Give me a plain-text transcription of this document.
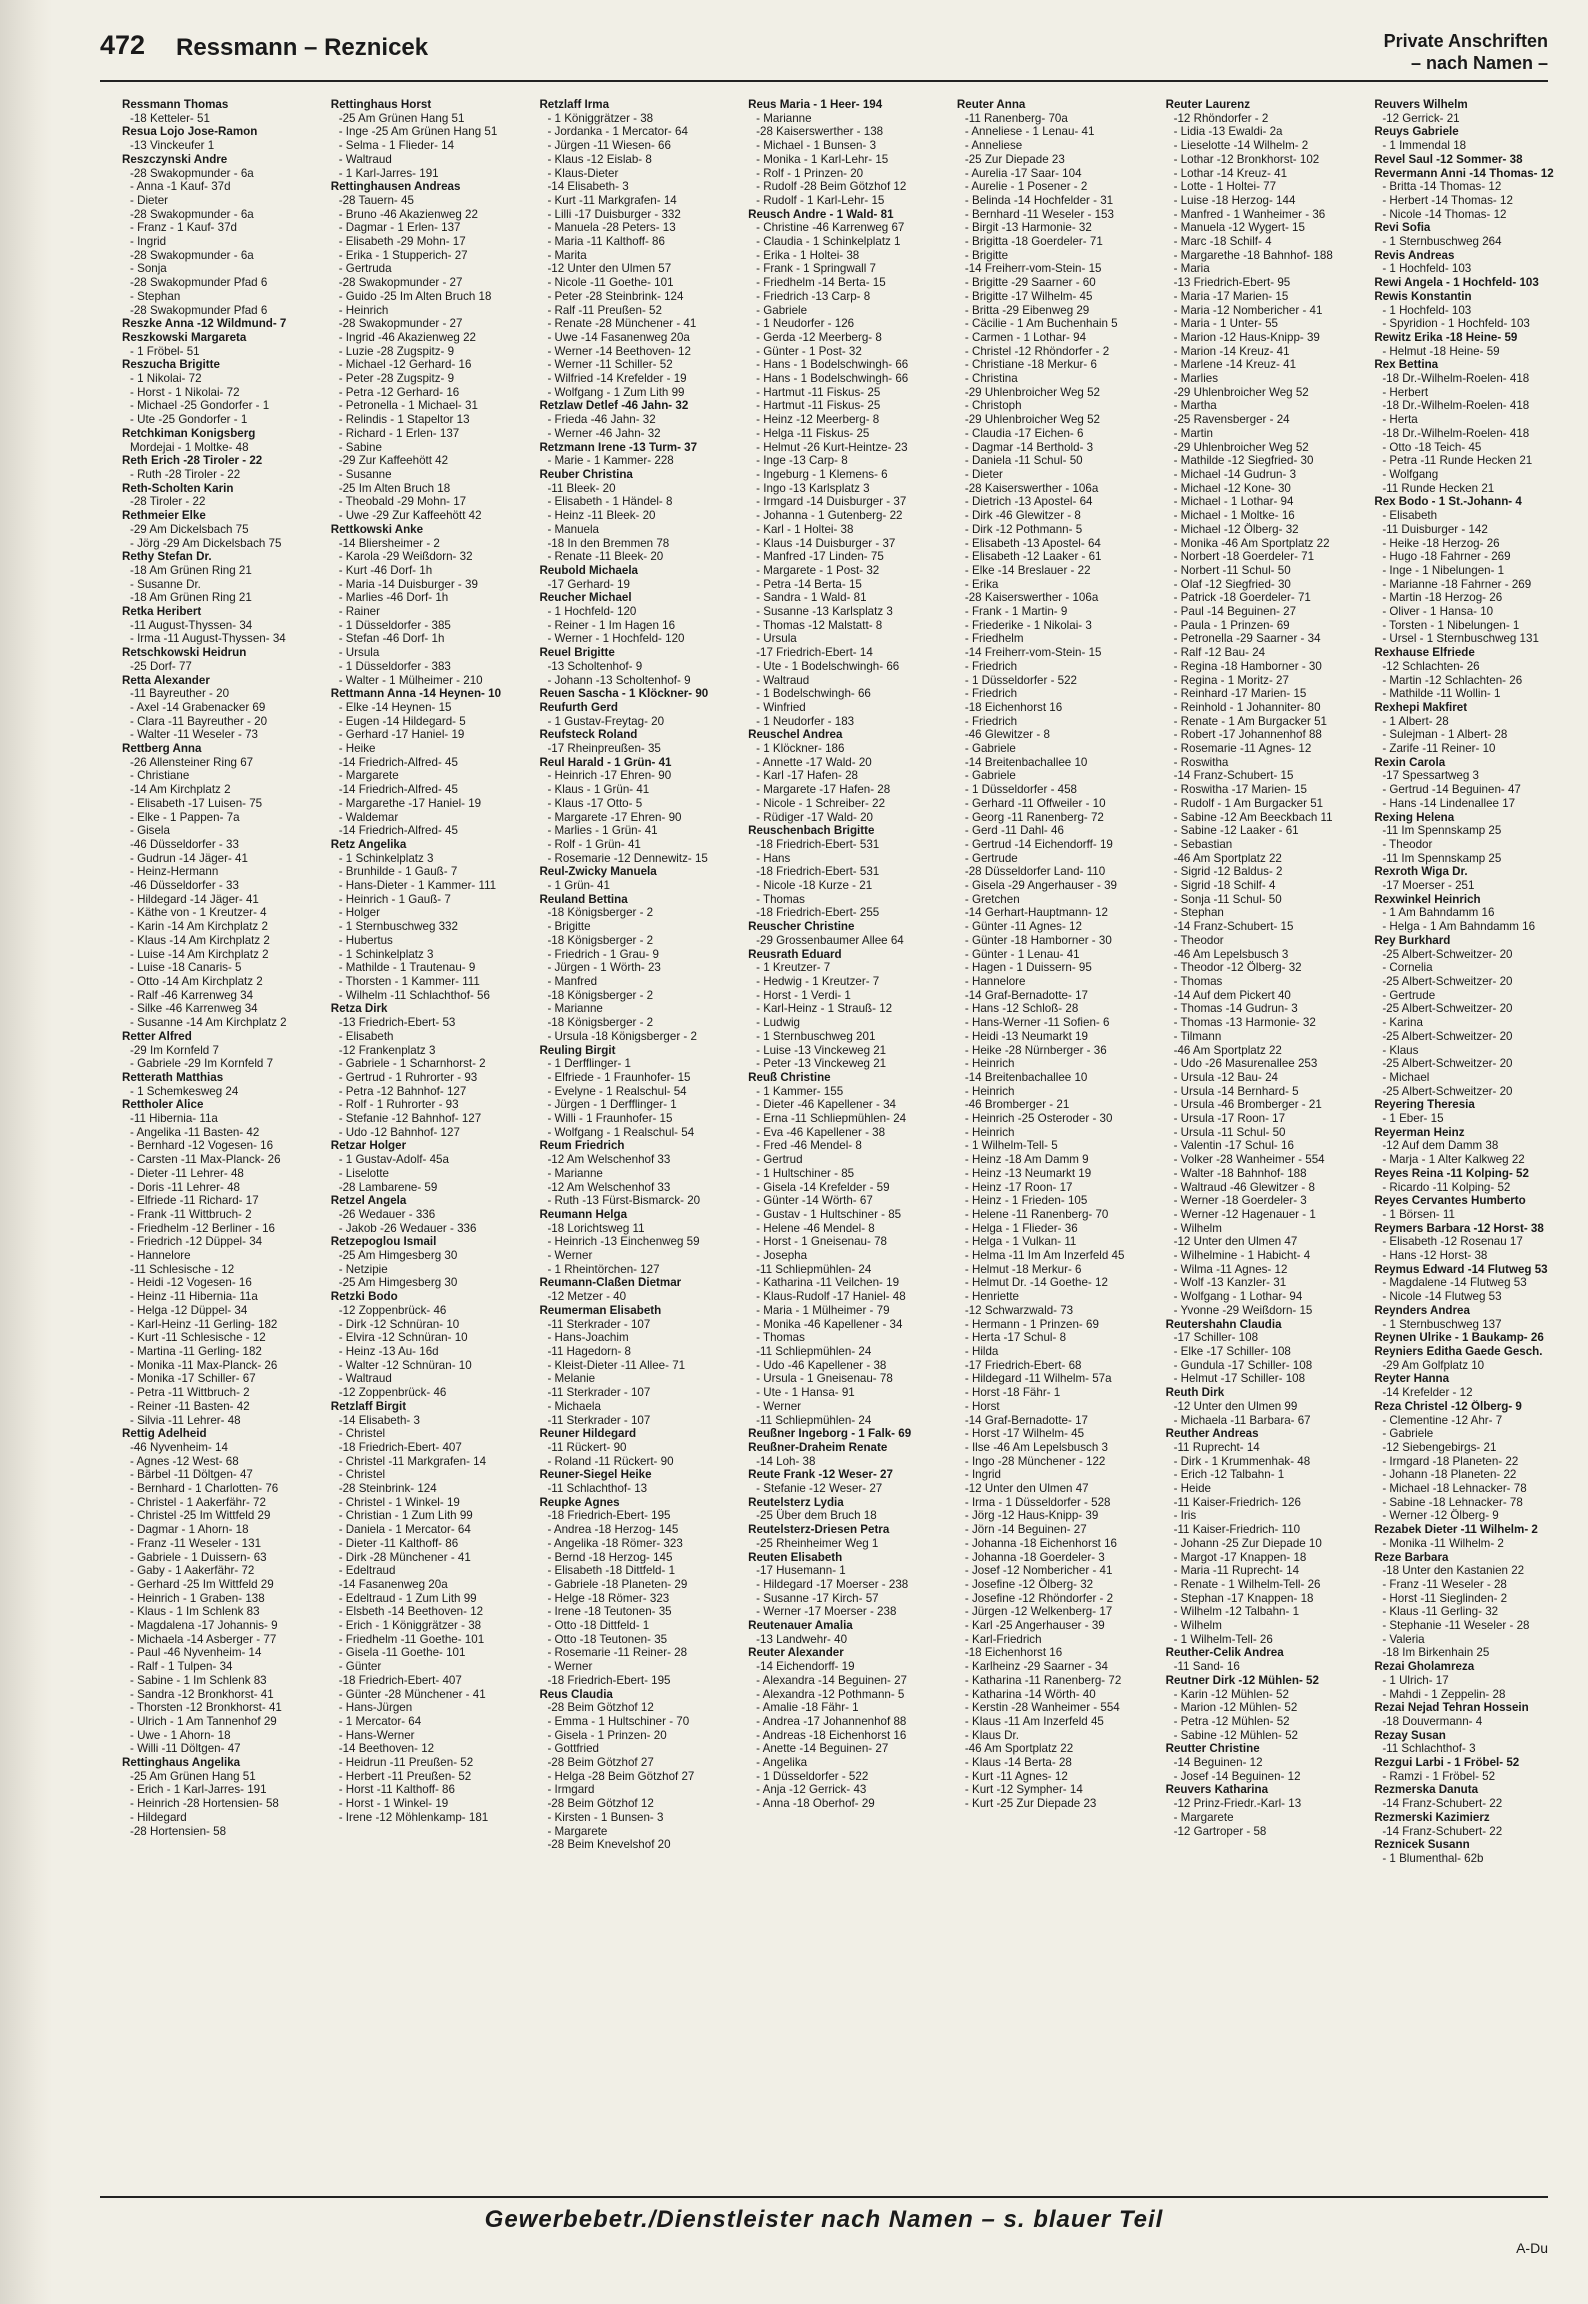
472 Ressmann – Reznicek	Private Anschriften
– nach Namen –
Ressmann Thomas
-18 Ketteler- 51
Resua Lojo Jose-Ramon
-13 Vinckeufer 1
Reszczynski Andre
-28 Swakopmunder - 6a
- Anna -1 Kauf- 37d
- Dieter
-28 Swakopmunder - 6a
- Franz - 1 Kauf- 37d
- Ingrid
-28 Swakopmunder - 6a
- Sonja
-28 Swakopmunder Pfad 6
- Stephan
-28 Swakopmunder Pfad 6
Reszke Anna -12 Wildmund- 7
Reszkowski Margareta
- 1 Fröbel- 51
Reszucha Brigitte
- 1 Nikolai- 72
- Horst - 1 Nikolai- 72
- Michael -25 Gondorfer - 1
- Ute -25 Gondorfer - 1
Retchkiman Konigsberg
Mordejai - 1 Moltke- 48
Reth Erich -28 Tiroler - 22
- Ruth -28 Tiroler - 22
Reth-Scholten Karin
-28 Tiroler - 22
Rethmeier Elke
-29 Am Dickelsbach 75
- Jörg -29 Am Dickelsbach 75
Rethy Stefan Dr.
-18 Am Grünen Ring 21
- Susanne Dr.
-18 Am Grünen Ring 21
Retka Heribert
-11 August-Thyssen- 34
- Irma -11 August-Thyssen- 34
Retschkowski Heidrun
-25 Dorf- 77
Retta Alexander
-11 Bayreuther - 20
- Axel -14 Grabenacker 69
- Clara -11 Bayreuther - 20
- Walter -11 Weseler - 73
Rettberg Anna
-26 Allensteiner Ring 67
- Christiane
-14 Am Kirchplatz 2
- Elisabeth -17 Luisen- 75
- Elke - 1 Pappen- 7a
- Gisela
-46 Düsseldorfer - 33
- Gudrun -14 Jäger- 41
- Heinz-Hermann
-46 Düsseldorfer - 33
- Hildegard -14 Jäger- 41
- Käthe von - 1 Kreutzer- 4
- Karin -14 Am Kirchplatz 2
- Klaus -14 Am Kirchplatz 2
- Luise -14 Am Kirchplatz 2
- Luise -18 Canaris- 5
- Otto -14 Am Kirchplatz 2
- Ralf -46 Karrenweg 34
- Silke -46 Karrenweg 34
- Susanne -14 Am Kirchplatz 2
Retter Alfred
-29 Im Kornfeld 7
- Gabriele -29 Im Kornfeld 7
Retterath Matthias
- 1 Schemkesweg 24
Rettholer Alice
-11 Hibernia- 11a
- Angelika -11 Basten- 42
- Bernhard -12 Vogesen- 16
- Carsten -11 Max-Planck- 26
- Dieter -11 Lehrer- 48
- Doris -11 Lehrer- 48
- Elfriede -11 Richard- 17
- Frank -11 Wittbruch- 2
- Friedhelm -12 Berliner - 16
- Friedrich -12 Düppel- 34
- Hannelore
-11 Schlesische - 12
- Heidi -12 Vogesen- 16
- Heinz -11 Hibernia- 11a
- Helga -12 Düppel- 34
- Karl-Heinz -11 Gerling- 182
- Kurt -11 Schlesische - 12
- Martina -11 Gerling- 182
- Monika -11 Max-Planck- 26
- Monika -17 Schiller- 67
- Petra -11 Wittbruch- 2
- Reiner -11 Basten- 42
- Silvia -11 Lehrer- 48
Rettig Adelheid
-46 Nyvenheim- 14
- Agnes -12 West- 68
- Bärbel -11 Döltgen- 47
- Bernhard - 1 Charlotten- 76
- Christel - 1 Aakerfähr- 72
- Christel -25 Im Wittfeld 29
- Dagmar - 1 Ahorn- 18
- Franz -11 Weseler - 131
- Gabriele - 1 Duissern- 63
- Gaby - 1 Aakerfähr- 72
- Gerhard -25 Im Wittfeld 29
- Heinrich - 1 Graben- 138
- Klaus - 1 Im Schlenk 83
- Magdalena -17 Johannis- 9
- Michaela -14 Asberger - 77
- Paul -46 Nyvenheim- 14
- Ralf - 1 Tulpen- 34
- Sabine - 1 Im Schlenk 83
- Sandra -12 Bronkhorst- 41
- Thorsten -12 Bronkhorst- 41
- Ulrich - 1 Am Tannenhof 29
- Uwe - 1 Ahorn- 18
- Willi -11 Döltgen- 47
Rettinghaus Angelika
-25 Am Grünen Hang 51
- Erich - 1 Karl-Jarres- 191
- Heinrich -28 Hortensien- 58
- Hildegard
-28 Hortensien- 58
Rettinghaus Horst
-25 Am Grünen Hang 51
- Inge -25 Am Grünen Hang 51
- Selma - 1 Flieder- 14
- Waltraud
- 1 Karl-Jarres- 191
Rettinghausen Andreas
-28 Tauern- 45
- Bruno -46 Akazienweg 22
- Dagmar - 1 Erlen- 137
- Elisabeth -29 Mohn- 17
- Erika - 1 Stupperich- 27
- Gertruda
-28 Swakopmunder - 27
- Guido -25 Im Alten Bruch 18
- Heinrich
-28 Swakopmunder - 27
- Ingrid -46 Akazienweg 22
- Luzie -28 Zugspitz- 9
- Michael -12 Gerhard- 16
- Peter -28 Zugspitz- 9
- Petra -12 Gerhard- 16
- Petronella - 1 Michael- 31
- Relindis - 1 Stapeltor 13
- Richard - 1 Erlen- 137
- Sabine
-29 Zur Kaffeehött 42
- Susanne
-25 Im Alten Bruch 18
- Theobald -29 Mohn- 17
- Uwe -29 Zur Kaffeehött 42
Rettkowski Anke
-14 Bliersheimer - 2
- Karola -29 Weißdorn- 32
- Kurt -46 Dorf- 1h
- Maria -14 Duisburger - 39
- Marlies -46 Dorf- 1h
- Rainer
- 1 Düsseldorfer - 385
- Stefan -46 Dorf- 1h
- Ursula
- 1 Düsseldorfer - 383
- Walter - 1 Mülheimer - 210
Rettmann Anna -14 Heynen- 10
- Elke -14 Heynen- 15
- Eugen -14 Hildegard- 5
- Gerhard -17 Haniel- 19
- Heike
-14 Friedrich-Alfred- 45
- Margarete
-14 Friedrich-Alfred- 45
- Margarethe -17 Haniel- 19
- Waldemar
-14 Friedrich-Alfred- 45
Retz Angelika
- 1 Schinkelplatz 3
- Brunhilde - 1 Gauß- 7
- Hans-Dieter - 1 Kammer- 111
- Heinrich - 1 Gauß- 7
- Holger
- 1 Sternbuschweg 332
- Hubertus
- 1 Schinkelplatz 3
- Mathilde - 1 Trautenau- 9
- Thorsten - 1 Kammer- 111
- Wilhelm -11 Schlachthof- 56
Retza Dirk
-13 Friedrich-Ebert- 53
- Elisabeth
-12 Frankenplatz 3
- Gabriele - 1 Scharnhorst- 2
- Gertrud - 1 Ruhrorter - 93
- Petra -12 Bahnhof- 127
- Rolf - 1 Ruhrorter - 93
- Stefanie -12 Bahnhof- 127
- Udo -12 Bahnhof- 127
Retzar Holger
- 1 Gustav-Adolf- 45a
- Liselotte
-28 Lambarene- 59
Retzel Angela
-26 Wedauer - 336
- Jakob -26 Wedauer - 336
Retzepoglou Ismail
-25 Am Himgesberg 30
- Netzipie
-25 Am Himgesberg 30
Retzki Bodo
-12 Zoppenbrück- 46
- Dirk -12 Schnüran- 10
- Elvira -12 Schnüran- 10
- Heinz -13 Au- 16d
- Walter -12 Schnüran- 10
- Waltraud
-12 Zoppenbrück- 46
Retzlaff Birgit
-14 Elisabeth- 3
- Christel
-18 Friedrich-Ebert- 407
- Christel -11 Markgrafen- 14
- Christel
-28 Steinbrink- 124
- Christel - 1 Winkel- 19
- Christian - 1 Zum Lith 99
- Daniela - 1 Mercator- 64
- Dieter -11 Kalthoff- 86
- Dirk -28 Münchener - 41
- Edeltraud
-14 Fasanenweg 20a
- Edeltraud - 1 Zum Lith 99
- Elsbeth -14 Beethoven- 12
- Erich - 1 Königgrätzer - 38
- Friedhelm -11 Goethe- 101
- Gisela -11 Goethe- 101
- Günter
-18 Friedrich-Ebert- 407
- Günter -28 Münchener - 41
- Hans-Jürgen
- 1 Mercator- 64
- Hans-Werner
-14 Beethoven- 12
- Heidrun -11 Preußen- 52
- Herbert -11 Preußen- 52
- Horst -11 Kalthoff- 86
- Horst - 1 Winkel- 19
- Irene -12 Möhlenkamp- 181
Retzlaff Irma
- 1 Königgrätzer - 38
- Jordanka - 1 Mercator- 64
- Jürgen -11 Wiesen- 66
- Klaus -12 Eislab- 8
- Klaus-Dieter
-14 Elisabeth- 3
- Kurt -11 Markgrafen- 14
- Lilli -17 Duisburger - 332
- Manuela -28 Peters- 13
- Maria -11 Kalthoff- 86
- Marita
-12 Unter den Ulmen 57
- Nicole -11 Goethe- 101
- Peter -28 Steinbrink- 124
- Ralf -11 Preußen- 52
- Renate -28 Münchener - 41
- Uwe -14 Fasanenweg 20a
- Werner -14 Beethoven- 12
- Werner -11 Schiller- 52
- Wilfried -14 Krefelder - 19
- Wolfgang - 1 Zum Lith 99
Retzlaw Detlef -46 Jahn- 32
- Frieda -46 Jahn- 32
- Werner -46 Jahn- 32
Retzmann Irene -13 Turm- 37
- Marie - 1 Kammer- 228
Reuber Christina
-11 Bleek- 20
- Elisabeth - 1 Händel- 8
- Heinz -11 Bleek- 20
- Manuela
-18 In den Bremmen 78
- Renate -11 Bleek- 20
Reubold Michaela
-17 Gerhard- 19
Reucher Michael
- 1 Hochfeld- 120
- Reiner - 1 Im Hagen 16
- Werner - 1 Hochfeld- 120
Reuel Brigitte
-13 Scholtenhof- 9
- Johann -13 Scholtenhof- 9
Reuen Sascha - 1 Klöckner- 90
Reufurth Gerd
- 1 Gustav-Freytag- 20
Reufsteck Roland
-17 Rheinpreußen- 35
Reul Harald - 1 Grün- 41
- Heinrich -17 Ehren- 90
- Klaus - 1 Grün- 41
- Klaus -17 Otto- 5
- Margarete -17 Ehren- 90
- Marlies - 1 Grün- 41
- Rolf - 1 Grün- 41
- Rosemarie -12 Dennewitz- 15
Reul-Zwicky Manuela
- 1 Grün- 41
Reuland Bettina
-18 Königsberger - 2
- Brigitte
-18 Königsberger - 2
- Friedrich - 1 Grau- 9
- Jürgen - 1 Wörth- 23
- Manfred
-18 Königsberger - 2
- Marianne
-18 Königsberger - 2
- Ursula -18 Königsberger - 2
Reuling Birgit
- 1 Derfflinger- 1
- Elfriede - 1 Fraunhofer- 15
- Evelyne - 1 Realschul- 54
- Jürgen - 1 Derfflinger- 1
- Willi - 1 Fraunhofer- 15
- Wolfgang - 1 Realschul- 54
Reum Friedrich
-12 Am Welschenhof 33
- Marianne
-12 Am Welschenhof 33
- Ruth -13 Fürst-Bismarck- 20
Reumann Helga
-18 Lorichtsweg 11
- Heinrich -13 Einchenweg 59
- Werner
- 1 Rheintörchen- 127
Reumann-Claßen Dietmar
-12 Metzer - 40
Reumerman Elisabeth
-11 Sterkrader - 107
- Hans-Joachim
-11 Hagedorn- 8
- Kleist-Dieter -11 Allee- 71
- Melanie
-11 Sterkrader - 107
- Michaela
-11 Sterkrader - 107
Reuner Hildegard
-11 Rückert- 90
- Roland -11 Rückert- 90
Reuner-Siegel Heike
-11 Schlachthof- 13
Reupke Agnes
-18 Friedrich-Ebert- 195
- Andrea -18 Herzog- 145
- Angelika -18 Römer- 323
- Bernd -18 Herzog- 145
- Elisabeth -18 Dittfeld- 1
- Gabriele -18 Planeten- 29
- Helge -18 Römer- 323
- Irene -18 Teutonen- 35
- Otto -18 Dittfeld- 1
- Otto -18 Teutonen- 35
- Rosemarie -11 Reiner- 28
- Werner
-18 Friedrich-Ebert- 195
Reus Claudia
-28 Beim Götzhof 12
- Emma - 1 Hultschiner - 70
- Gisela - 1 Prinzen- 20
- Gottfried
-28 Beim Götzhof 27
- Helga -28 Beim Götzhof 27
- Irmgard
-28 Beim Götzhof 12
- Kirsten - 1 Bunsen- 3
- Margarete
-28 Beim Knevelshof 20
Reus Maria - 1 Heer- 194
- Marianne
-28 Kaiserswerther - 138
- Michael - 1 Bunsen- 3
- Monika - 1 Karl-Lehr- 15
- Rolf - 1 Prinzen- 20
- Rudolf -28 Beim Götzhof 12
- Rudolf - 1 Karl-Lehr- 15
Reusch Andre - 1 Wald- 81
- Christine -46 Karrenweg 67
- Claudia - 1 Schinkelplatz 1
- Erika - 1 Holtei- 38
- Frank - 1 Springwall 7
- Friedhelm -14 Berta- 15
- Friedrich -13 Carp- 8
- Gabriele
- 1 Neudorfer - 126
- Gerda -12 Meerberg- 8
- Günter - 1 Post- 32
- Hans - 1 Bodelschwingh- 66
- Hans - 1 Bodelschwingh- 66
- Hartmut -11 Fiskus- 25
- Hartmut -11 Fiskus- 25
- Heinz -12 Meerberg- 8
- Helga -11 Fiskus- 25
- Helmut -26 Kurt-Heintze- 23
- Inge -13 Carp- 8
- Ingeburg - 1 Klemens- 6
- Ingo -13 Karlsplatz 3
- Irmgard -14 Duisburger - 37
- Johanna - 1 Gutenberg- 22
- Karl - 1 Holtei- 38
- Klaus -14 Duisburger - 37
- Manfred -17 Linden- 75
- Margarete - 1 Post- 32
- Petra -14 Berta- 15
- Sandra - 1 Wald- 81
- Susanne -13 Karlsplatz 3
- Thomas -12 Malstatt- 8
- Ursula
-17 Friedrich-Ebert- 14
- Ute - 1 Bodelschwingh- 66
- Waltraud
- 1 Bodelschwingh- 66
- Winfried
- 1 Neudorfer - 183
Reuschel Andrea
- 1 Klöckner- 186
- Annette -17 Wald- 20
- Karl -17 Hafen- 28
- Margarete -17 Hafen- 28
- Nicole - 1 Schreiber- 22
- Rüdiger -17 Wald- 20
Reuschenbach Brigitte
-18 Friedrich-Ebert- 531
- Hans
-18 Friedrich-Ebert- 531
- Nicole -18 Kurze - 21
- Thomas
-18 Friedrich-Ebert- 255
Reuscher Christine
-29 Grossenbaumer Allee 64
Reusrath Eduard
- 1 Kreutzer- 7
- Hedwig - 1 Kreutzer- 7
- Horst - 1 Verdi- 1
- Karl-Heinz - 1 Strauß- 12
- Ludwig
- 1 Sternbuschweg 201
- Luise -13 Vinckeweg 21
- Peter -13 Vinckeweg 21
Reuß Christine
- 1 Kammer- 155
- Dieter -46 Kapellener - 34
- Erna -11 Schliepmühlen- 24
- Eva -46 Kapellener - 38
- Fred -46 Mendel- 8
- Gertrud
- 1 Hultschiner - 85
- Gisela -14 Krefelder - 59
- Günter -14 Wörth- 67
- Gustav - 1 Hultschiner - 85
- Helene -46 Mendel- 8
- Horst - 1 Gneisenau- 78
- Josepha
-11 Schliepmühlen- 24
- Katharina -11 Veilchen- 19
- Klaus-Rudolf -17 Haniel- 48
- Maria - 1 Mülheimer - 79
- Monika -46 Kapellener - 34
- Thomas
-11 Schliepmühlen- 24
- Udo -46 Kapellener - 38
- Ursula - 1 Gneisenau- 78
- Ute - 1 Hansa- 91
- Werner
-11 Schliepmühlen- 24
Reußner Ingeborg - 1 Falk- 69
Reußner-Draheim Renate
-14 Loh- 38
Reute Frank -12 Weser- 27
- Stefanie -12 Weser- 27
Reutelsterz Lydia
-25 Über dem Bruch 18
Reutelsterz-Driesen Petra
-25 Rheinheimer Weg 1
Reuten Elisabeth
-17 Husemann- 1
- Hildegard -17 Moerser - 238
- Susanne -17 Kirch- 57
- Werner -17 Moerser - 238
Reutenauer Amalia
-13 Landwehr- 40
Reuter Alexander
-14 Eichendorff- 19
- Alexandra -14 Beguinen- 27
- Alexandra -12 Pothmann- 5
- Amalie -18 Fähr- 1
- Andrea -17 Johannenhof 88
- Andreas -18 Eichenhorst 16
- Anette -14 Beguinen- 27
- Angelika
- 1 Düsseldorfer - 522
- Anja -12 Gerrick- 43
- Anna -18 Oberhof- 29
Reuter Anna
-11 Ranenberg- 70a
- Anneliese - 1 Lenau- 41
- Anneliese
-25 Zur Diepade 23
- Aurelia -17 Saar- 104
- Aurelie - 1 Posener - 2
- Belinda -14 Hochfelder - 31
- Bernhard -11 Weseler - 153
- Birgit -13 Harmonie- 32
- Brigitta -18 Goerdeler- 71
- Brigitte
-14 Freiherr-vom-Stein- 15
- Brigitte -29 Saarner - 60
- Brigitte -17 Wilhelm- 45
- Britta -29 Eibenweg 29
- Cäcilie - 1 Am Buchenhain 5
- Carmen - 1 Lothar- 94
- Christel -12 Rhöndorfer - 2
- Christiane -18 Merkur- 6
- Christina
-29 Uhlenbroicher Weg 52
- Christoph
-29 Uhlenbroicher Weg 52
- Claudia -17 Eichen- 6
- Dagmar -14 Berthold- 3
- Daniela -11 Schul- 50
- Dieter
-28 Kaiserswerther - 106a
- Dietrich -13 Apostel- 64
- Dirk -46 Glewitzer - 8
- Dirk -12 Pothmann- 5
- Elisabeth -13 Apostel- 64
- Elisabeth -12 Laaker - 61
- Elke -14 Breslauer - 22
- Erika
-28 Kaiserswerther - 106a
- Frank - 1 Martin- 9
- Friederike - 1 Nikolai- 3
- Friedhelm
-14 Freiherr-vom-Stein- 15
- Friedrich
- 1 Düsseldorfer - 522
- Friedrich
-18 Eichenhorst 16
- Friedrich
-46 Glewitzer - 8
- Gabriele
-14 Breitenbachallee 10
- Gabriele
- 1 Düsseldorfer - 458
- Gerhard -11 Offweiler - 10
- Georg -11 Ranenberg- 72
- Gerd -11 Dahl- 46
- Gertrud -14 Eichendorff- 19
- Gertrude
-28 Düsseldorfer Land- 110
- Gisela -29 Angerhauser - 39
- Gretchen
-14 Gerhart-Hauptmann- 12
- Günter -11 Agnes- 12
- Günter -18 Hamborner - 30
- Günter - 1 Lenau- 41
- Hagen - 1 Duissern- 95
- Hannelore
-14 Graf-Bernadotte- 17
- Hans -12 Schloß- 28
- Hans-Werner -11 Sofien- 6
- Heidi -13 Neumarkt 19
- Heike -28 Nürnberger - 36
- Heinrich
-14 Breitenbachallee 10
- Heinrich
-46 Bromberger - 21
- Heinrich -25 Osteroder - 30
- Heinrich
- 1 Wilhelm-Tell- 5
- Heinz -18 Am Damm 9
- Heinz -13 Neumarkt 19
- Heinz -17 Roon- 17
- Heinz - 1 Frieden- 105
- Helene -11 Ranenberg- 70
- Helga - 1 Flieder- 36
- Helga - 1 Vulkan- 11
- Helma -11 Im Am Inzerfeld 45
- Helmut -18 Merkur- 6
- Helmut Dr. -14 Goethe- 12
- Henriette
-12 Schwarzwald- 73
- Hermann - 1 Prinzen- 69
- Herta -17 Schul- 8
- Hilda
-17 Friedrich-Ebert- 68
- Hildegard -11 Wilhelm- 57a
- Horst -18 Fähr- 1
- Horst
-14 Graf-Bernadotte- 17
- Horst -17 Wilhelm- 45
- Ilse -46 Am Lepelsbusch 3
- Ingo -28 Münchener - 122
- Ingrid
-12 Unter den Ulmen 47
- Irma - 1 Düsseldorfer - 528
- Jörg -12 Haus-Knipp- 39
- Jörn -14 Beguinen- 27
- Johanna -18 Eichenhorst 16
- Johanna -18 Goerdeler- 3
- Josef -12 Nombericher - 41
- Josefine -12 Ölberg- 32
- Josefine -12 Rhöndorfer - 2
- Jürgen -12 Welkenberg- 17
- Karl -25 Angerhauser - 39
- Karl-Friedrich
-18 Eichenhorst 16
- Karlheinz -29 Saarner - 34
- Katharina -11 Ranenberg- 72
- Katharina -14 Wörth- 40
- Kerstin -28 Wanheimer - 554
- Klaus -11 Am Inzerfeld 45
- Klaus Dr.
-46 Am Sportplatz 22
- Klaus -14 Berta- 28
- Kurt -11 Agnes- 12
- Kurt -12 Sympher- 14
- Kurt -25 Zur Diepade 23
Reuter Laurenz
-12 Rhöndorfer - 2
- Lidia -13 Ewaldi- 2a
- Lieselotte -14 Wilhelm- 2
- Lothar -12 Bronkhorst- 102
- Lothar -14 Kreuz- 41
- Lotte - 1 Holtei- 77
- Luise -18 Herzog- 144
- Manfred - 1 Wanheimer - 36
- Manuela -12 Wygert- 15
- Marc -18 Schilf- 4
- Margarethe -18 Bahnhof- 188
- Maria
-13 Friedrich-Ebert- 95
- Maria -17 Marien- 15
- Maria -12 Nombericher - 41
- Maria - 1 Unter- 55
- Marion -12 Haus-Knipp- 39
- Marion -14 Kreuz- 41
- Marlene -14 Kreuz- 41
- Marlies
-29 Uhlenbroicher Weg 52
- Martha
-25 Ravensberger - 24
- Martin
-29 Uhlenbroicher Weg 52
- Mathilde -12 Siegfried- 30
- Michael -14 Gudrun- 3
- Michael -12 Kone- 30
- Michael - 1 Lothar- 94
- Michael - 1 Moltke- 16
- Michael -12 Ölberg- 32
- Monika -46 Am Sportplatz 22
- Norbert -18 Goerdeler- 71
- Norbert -11 Schul- 50
- Olaf -12 Siegfried- 30
- Patrick -18 Goerdeler- 71
- Paul -14 Beguinen- 27
- Paula - 1 Prinzen- 69
- Petronella -29 Saarner - 34
- Ralf -12 Bau- 24
- Regina -18 Hamborner - 30
- Regina - 1 Moritz- 27
- Reinhard -17 Marien- 15
- Reinhold - 1 Johanniter- 80
- Renate - 1 Am Burgacker 51
- Robert -17 Johannenhof 88
- Rosemarie -11 Agnes- 12
- Roswitha
-14 Franz-Schubert- 15
- Roswitha -17 Marien- 15
- Rudolf - 1 Am Burgacker 51
- Sabine -12 Am Beeckbach 11
- Sabine -12 Laaker - 61
- Sebastian
-46 Am Sportplatz 22
- Sigrid -12 Baldus- 2
- Sigrid -18 Schilf- 4
- Sonja -11 Schul- 50
- Stephan
-14 Franz-Schubert- 15
- Theodor
-46 Am Lepelsbusch 3
- Theodor -12 Ölberg- 32
- Thomas
-14 Auf dem Pickert 40
- Thomas -14 Gudrun- 3
- Thomas -13 Harmonie- 32
- Tilmann
-46 Am Sportplatz 22
- Udo -26 Masurenallee 253
- Ursula -12 Bau- 24
- Ursula -14 Bernhard- 5
- Ursula -46 Bromberger - 21
- Ursula -17 Roon- 17
- Ursula -11 Schul- 50
- Valentin -17 Schul- 16
- Volker -28 Wanheimer - 554
- Walter -18 Bahnhof- 188
- Waltraud -46 Glewitzer - 8
- Werner -18 Goerdeler- 3
- Werner -12 Hagenauer - 1
- Wilhelm
-12 Unter den Ulmen 47
- Wilhelmine - 1 Habicht- 4
- Wilma -11 Agnes- 12
- Wolf -13 Kanzler- 31
- Wolfgang - 1 Lothar- 94
- Yvonne -29 Weißdorn- 15
Reutershahn Claudia
-17 Schiller- 108
- Elke -17 Schiller- 108
- Gundula -17 Schiller- 108
- Helmut -17 Schiller- 108
Reuth Dirk
-12 Unter den Ulmen 99
- Michaela -11 Barbara- 67
Reuther Andreas
-11 Ruprecht- 14
- Dirk - 1 Krummenhak- 48
- Erich -12 Talbahn- 1
- Heide
-11 Kaiser-Friedrich- 126
- Iris
-11 Kaiser-Friedrich- 110
- Johann -25 Zur Diepade 10
- Margot -17 Knappen- 18
- Maria -11 Ruprecht- 14
- Renate - 1 Wilhelm-Tell- 26
- Stephan -17 Knappen- 18
- Wilhelm -12 Talbahn- 1
- Wilhelm
- 1 Wilhelm-Tell- 26
Reuther-Celik Andrea
-11 Sand- 16
Reutner Dirk -12 Mühlen- 52
- Karin -12 Mühlen- 52
- Marion -12 Mühlen- 52
- Petra -12 Mühlen- 52
- Sabine -12 Mühlen- 52
Reutter Christine
-14 Beguinen- 12
- Josef -14 Beguinen- 12
Reuvers Katharina
-12 Prinz-Friedr.-Karl- 13
- Margarete
-12 Gartroper - 58
Reuvers Wilhelm
-12 Gerrick- 21
Reuys Gabriele
- 1 Immendal 18
Revel Saul -12 Sommer- 38
Revermann Anni -14 Thomas- 12
- Britta -14 Thomas- 12
- Herbert -14 Thomas- 12
- Nicole -14 Thomas- 12
Revi Sofia
- 1 Sternbuschweg 264
Revis Andreas
- 1 Hochfeld- 103
Rewi Angela - 1 Hochfeld- 103
Rewis Konstantin
- 1 Hochfeld- 103
- Spyridion - 1 Hochfeld- 103
Rewitz Erika -18 Heine- 59
- Helmut -18 Heine- 59
Rex Bettina
-18 Dr.-Wilhelm-Roelen- 418
- Herbert
-18 Dr.-Wilhelm-Roelen- 418
- Herta
-18 Dr.-Wilhelm-Roelen- 418
- Otto -18 Teich- 45
- Petra -11 Runde Hecken 21
- Wolfgang
-11 Runde Hecken 21
Rex Bodo - 1 St.-Johann- 4
- Elisabeth
-11 Duisburger - 142
- Heike -18 Herzog- 26
- Hugo -18 Fahrner - 269
- Inge - 1 Nibelungen- 1
- Marianne -18 Fahrner - 269
- Martin -18 Herzog- 26
- Oliver - 1 Hansa- 10
- Torsten - 1 Nibelungen- 1
- Ursel - 1 Sternbuschweg 131
Rexhause Elfriede
-12 Schlachten- 26
- Martin -12 Schlachten- 26
- Mathilde -11 Wollin- 1
Rexhepi Makfiret
- 1 Albert- 28
- Sulejman - 1 Albert- 28
- Zarife -11 Reiner- 10
Rexin Carola
-17 Spessartweg 3
- Gertrud -14 Beguinen- 47
- Hans -14 Lindenallee 17
Rexing Helena
-11 Im Spennskamp 25
- Theodor
-11 Im Spennskamp 25
Rexroth Wiga Dr.
-17 Moerser - 251
Rexwinkel Heinrich
- 1 Am Bahndamm 16
- Helga - 1 Am Bahndamm 16
Rey Burkhard
-25 Albert-Schweitzer- 20
- Cornelia
-25 Albert-Schweitzer- 20
- Gertrude
-25 Albert-Schweitzer- 20
- Karina
-25 Albert-Schweitzer- 20
- Klaus
-25 Albert-Schweitzer- 20
- Michael
-25 Albert-Schweitzer- 20
Reyering Theresia
- 1 Eber- 15
Reyerman Heinz
-12 Auf dem Damm 38
- Marja - 1 Alter Kalkweg 22
Reyes Reina -11 Kolping- 52
- Ricardo -11 Kolping- 52
Reyes Cervantes Humberto
- 1 Börsen- 11
Reymers Barbara -12 Horst- 38
- Elisabeth -12 Rosenau 17
- Hans -12 Horst- 38
Reymus Edward -14 Flutweg 53
- Magdalene -14 Flutweg 53
- Nicole -14 Flutweg 53
Reynders Andrea
- 1 Sternbuschweg 137
Reynen Ulrike - 1 Baukamp- 26
Reyniers Editha Gaede Gesch.
-29 Am Golfplatz 10
Reyter Hanna
-14 Krefelder - 12
Reza Christel -12 Ölberg- 9
- Clementine -12 Ahr- 7
- Gabriele
-12 Siebengebirgs- 21
- Irmgard -18 Planeten- 22
- Johann -18 Planeten- 22
- Michael -18 Lehnacker- 78
- Sabine -18 Lehnacker- 78
- Werner -12 Ölberg- 9
Rezabek Dieter -11 Wilhelm- 2
- Monika -11 Wilhelm- 2
Reze Barbara
-18 Unter den Kastanien 22
- Franz -11 Weseler - 28
- Horst -11 Sieglinden- 2
- Klaus -11 Gerling- 32
- Stephanie -11 Weseler - 28
- Valeria
-18 Im Birkenhain 25
Rezai Gholamreza
- 1 Ulrich- 17
- Mahdi - 1 Zeppelin- 28
Rezai Nejad Tehran Hossein
-18 Douvermann- 4
Rezay Susan
-11 Schlachthof- 3
Rezgui Larbi - 1 Fröbel- 52
- Ramzi - 1 Fröbel- 52
Rezmerska Danuta
-14 Franz-Schubert- 22
Rezmerski Kazimierz
-14 Franz-Schubert- 22
Reznicek Susann
- 1 Blumenthal- 62b
Gewerbebetr./Dienstleister nach Namen – s. blauer Teil
A-Du
